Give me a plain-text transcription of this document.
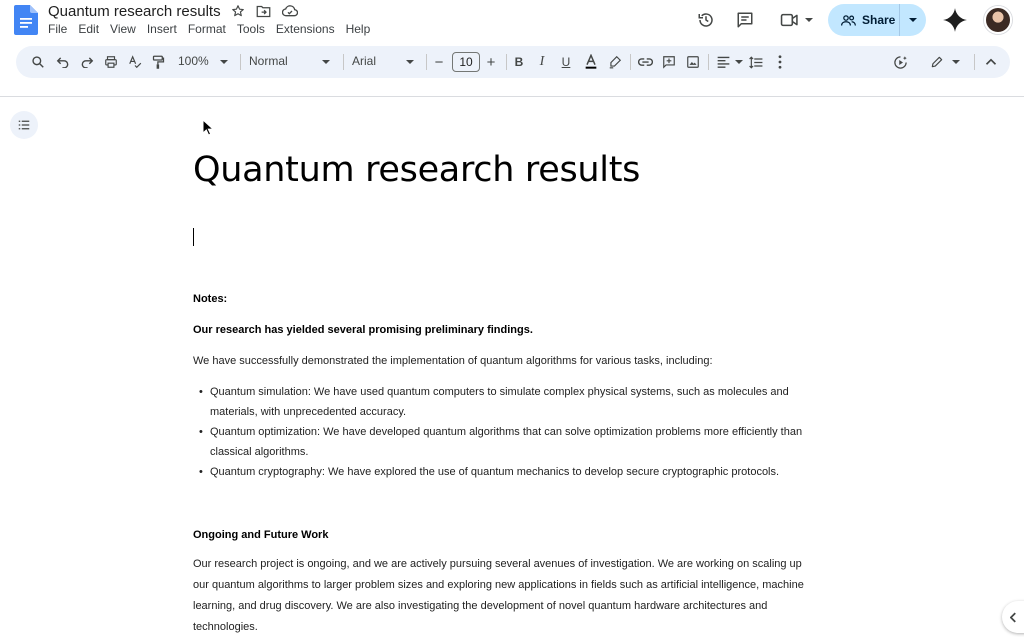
Quantum research results
File Edit View Insert Format Tools Extensions Help
Share
100%	Normal	Arial	−	10 +	B	I	U
Quantum research results
Notes:
Our research has yielded several promising preliminary findings.
We have successfully demonstrated the implementation of quantum algorithms for various tasks, including:
• Quantum simulation: We have used quantum computers to simulate complex physical systems, such as molecules and
materials, with unprecedented accuracy.
• Quantum optimization: We have developed quantum algorithms that can solve optimization problems more efficiently than
classical algorithms.
• Quantum cryptography: We have explored the use of quantum mechanics to develop secure cryptographic protocols.
Ongoing and Future Work
Our research project is ongoing, and we are actively pursuing several avenues of investigation. We are working on scaling up
our quantum algorithms to larger problem sizes and exploring new applications in fields such as artificial intelligence, machine
learning, and drug discovery. We are also investigating the development of novel quantum hardware architectures and
technologies.
